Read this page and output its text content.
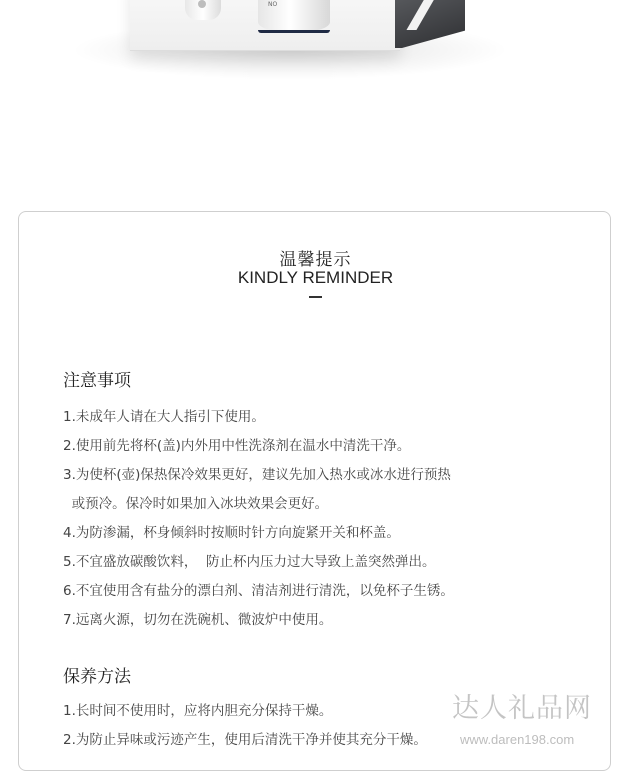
NO
温馨提示
KINDLY REMINDER
注意事项
1.未成年人请在大人指引下使用。
2.使用前先将杯(盖)内外用中性洗涤剂在温水中清洗干净。
3.为使杯(壶)保热保冷效果更好，建议先加入热水或冰水进行预热
或预冷。保冷时如果加入冰块效果会更好。
4.为防渗漏，杯身倾斜时按顺时针方向旋紧开关和杯盖。
5.不宜盛放碳酸饮料，  防止杯内压力过大导致上盖突然弹出。
6.不宜使用含有盐分的漂白剂、清洁剂进行清洗，以免杯子生锈。
7.远离火源，切勿在洗碗机、微波炉中使用。
保养方法
1.长时间不使用时，应将内胆充分保持干燥。
2.为防止异味或污迹产生，使用后清洗干净并使其充分干燥。
达人礼品网
www.daren198.com
